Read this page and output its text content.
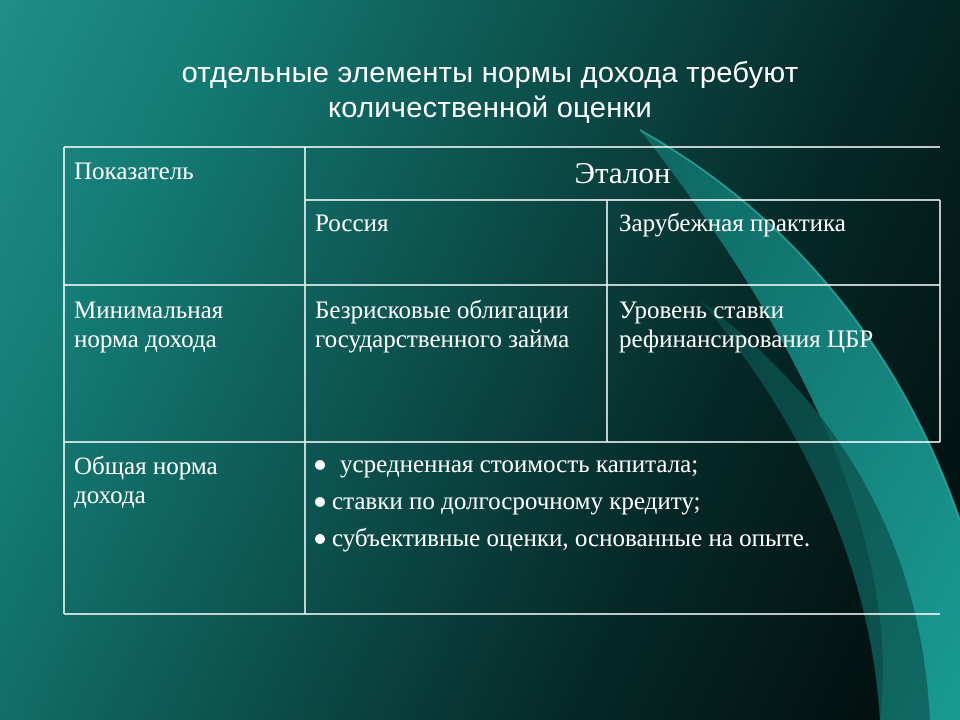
отдельные элементы нормы дохода требуют
количественной оценки
Показатель	Эталон
Россия	Зарубежная практика
Минимальная норма дохода
Безрисковые облигации государственного займа
Уровень ставки рефинансирования ЦБР
Общая норма дохода
усредненная стоимость капитала;
ставки по долгосрочному кредиту;
субъективные оценки, основанные на опыте.
